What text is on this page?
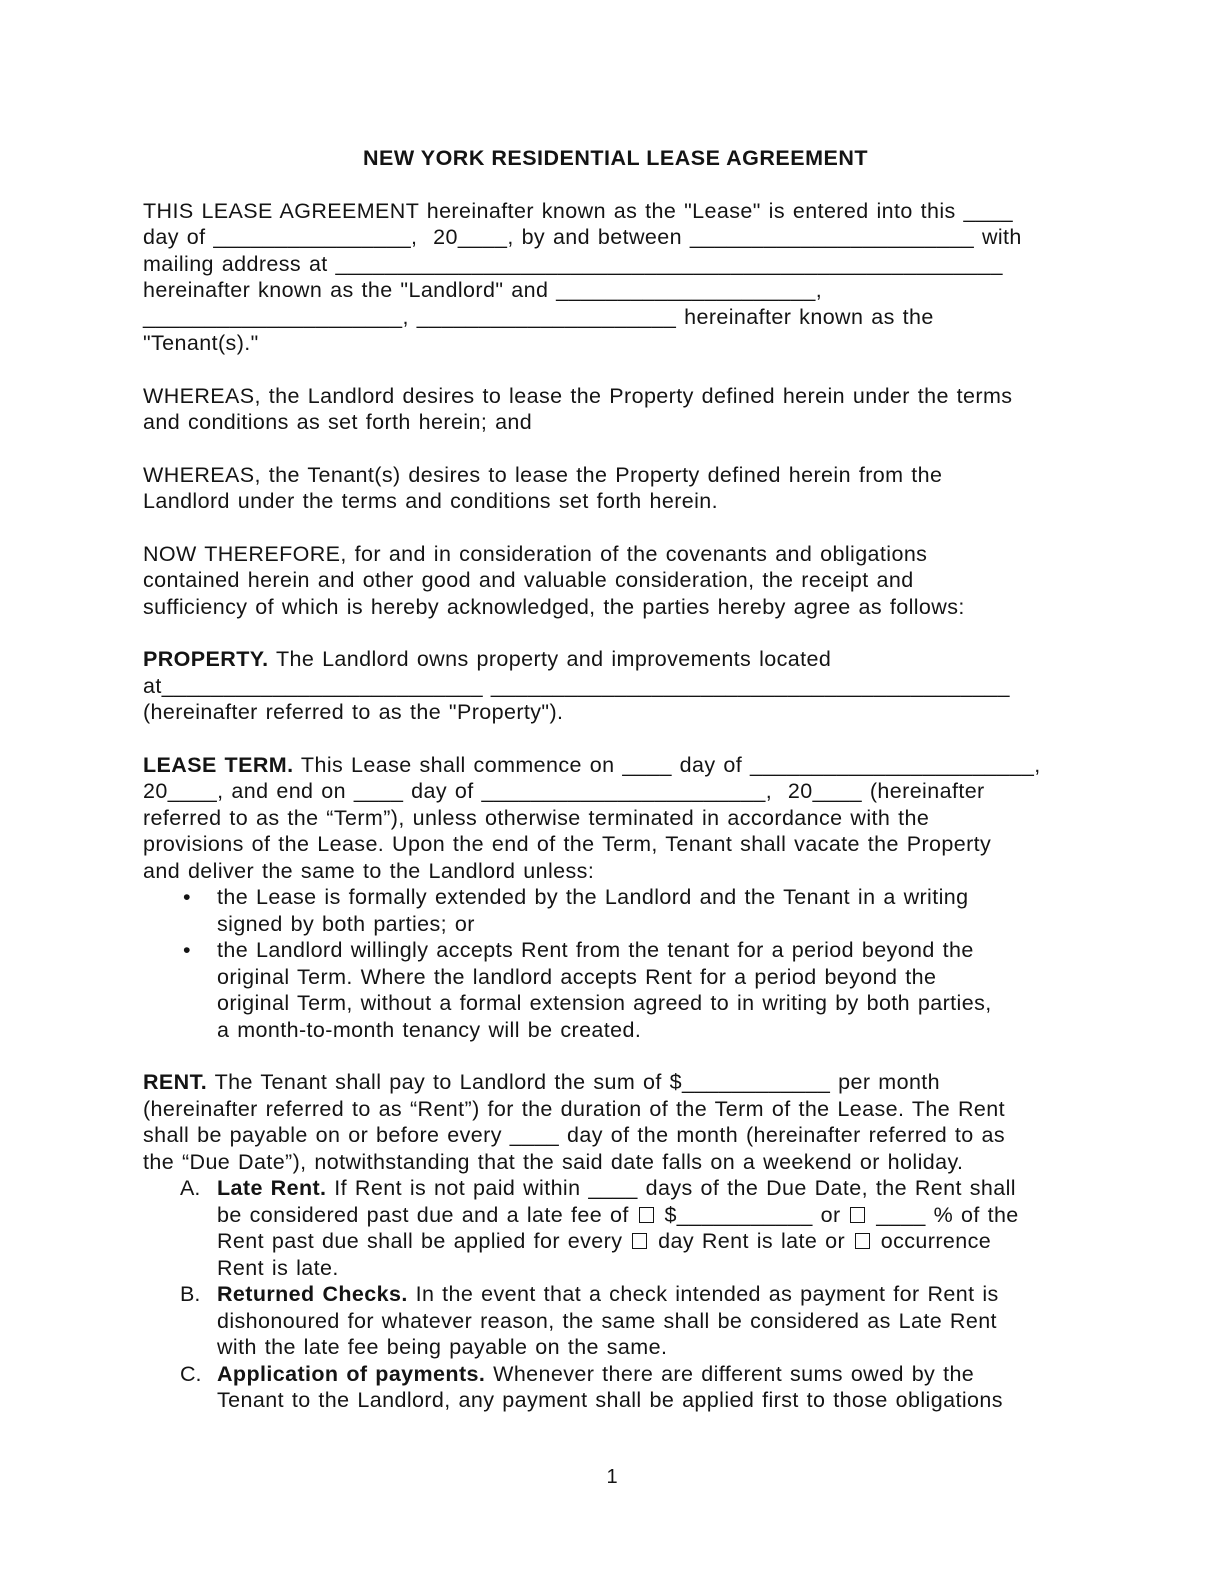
NEW YORK RESIDENTIAL LEASE AGREEMENT
THIS LEASE AGREEMENT hereinafter known as the "Lease" is entered into this ____
day of ________________,  20____, by and between _______________________ with
mailing address at ______________________________________________________
hereinafter known as the "Landlord" and _____________________,
_____________________, _____________________ hereinafter known as the
"Tenant(s)."
WHEREAS, the Landlord desires to lease the Property defined herein under the terms
and conditions as set forth herein; and
WHEREAS, the Tenant(s) desires to lease the Property defined herein from the
Landlord under the terms and conditions set forth herein.
NOW THEREFORE, for and in consideration of the covenants and obligations
contained herein and other good and valuable consideration, the receipt and
sufficiency of which is hereby acknowledged, the parties hereby agree as follows:
PROPERTY. The Landlord owns property and improvements located
at__________________________ __________________________________________
(hereinafter referred to as the "Property").
LEASE TERM. This Lease shall commence on ____ day of _______________________,
20____, and end on ____ day of _______________________,  20____ (hereinafter
referred to as the “Term”), unless otherwise terminated in accordance with the
provisions of the Lease. Upon the end of the Term, Tenant shall vacate the Property
and deliver the same to the Landlord unless:
•	the Lease is formally extended by the Landlord and the Tenant in a writing
signed by both parties; or
•	the Landlord willingly accepts Rent from the tenant for a period beyond the
original Term. Where the landlord accepts Rent for a period beyond the
original Term, without a formal extension agreed to in writing by both parties,
a month-to-month tenancy will be created.
RENT. The Tenant shall pay to Landlord the sum of $____________ per month
(hereinafter referred to as “Rent”) for the duration of the Term of the Lease. The Rent
shall be payable on or before every ____ day of the month (hereinafter referred to as
the “Due Date”), notwithstanding that the said date falls on a weekend or holiday.
A. Late Rent. If Rent is not paid within ____ days of the Due Date, the Rent shall
be considered past due and a late fee of  $___________ or  ____ % of the
Rent past due shall be applied for every  day Rent is late or  occurrence
Rent is late.
B. Returned Checks. In the event that a check intended as payment for Rent is
dishonoured for whatever reason, the same shall be considered as Late Rent
with the late fee being payable on the same.
C. Application of payments. Whenever there are different sums owed by the
Tenant to the Landlord, any payment shall be applied first to those obligations
1
